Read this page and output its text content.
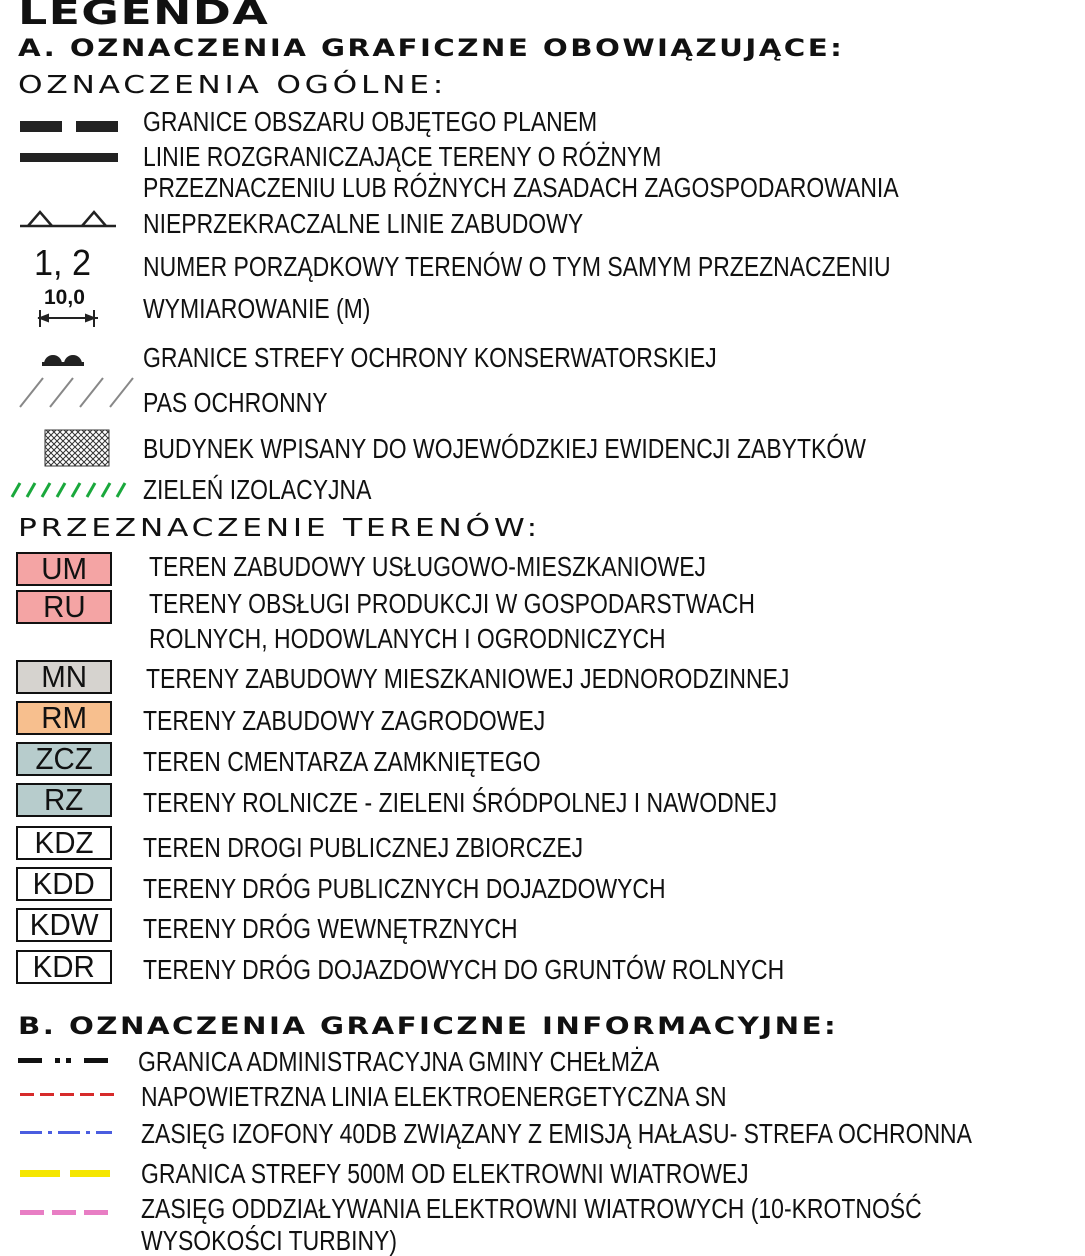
LEGENDA
A. OZNACZENIA GRAFICZNE OBOWIĄZUJĄCE:
OZNACZENIA OGÓLNE:
1, 2
10,0
GRANICE OBSZARU OBJĘTEGO PLANEM
LINIE ROZGRANICZAJĄCE TERENY O RÓŻNYM
PRZEZNACZENIU LUB RÓŻNYCH ZASADACH ZAGOSPODAROWANIA
NIEPRZEKRACZALNE LINIE ZABUDOWY
NUMER PORZĄDKOWY TERENÓW O TYM SAMYM PRZEZNACZENIU
WYMIAROWANIE (M)
GRANICE STREFY OCHRONY KONSERWATORSKIEJ
PAS OCHRONNY
BUDYNEK WPISANY DO WOJEWÓDZKIEJ EWIDENCJI ZABYTKÓW
ZIELEŃ IZOLACYJNA
PRZEZNACZENIE TERENÓW:
UM
RU
MN
RM
ZCZ
RZ
KDZ
KDD
KDW
KDR
TEREN ZABUDOWY USŁUGOWO-MIESZKANIOWEJ
TERENY OBSŁUGI PRODUKCJI W GOSPODARSTWACH
ROLNYCH, HODOWLANYCH I OGRODNICZYCH
TERENY ZABUDOWY MIESZKANIOWEJ JEDNORODZINNEJ
TERENY ZABUDOWY ZAGRODOWEJ
TEREN CMENTARZA ZAMKNIĘTEGO
TERENY ROLNICZE - ZIELENI ŚRÓDPOLNEJ I NAWODNEJ
TEREN DROGI PUBLICZNEJ ZBIORCZEJ
TERENY DRÓG PUBLICZNYCH DOJAZDOWYCH
TERENY DRÓG WEWNĘTRZNYCH
TERENY DRÓG DOJAZDOWYCH DO GRUNTÓW ROLNYCH
B. OZNACZENIA GRAFICZNE INFORMACYJNE:
GRANICA ADMINISTRACYJNA GMINY CHEŁMŻA
NAPOWIETRZNA LINIA ELEKTROENERGETYCZNA SN
ZASIĘG IZOFONY 40DB ZWIĄZANY Z EMISJĄ HAŁASU- STREFA OCHRONNA
GRANICA STREFY 500M OD ELEKTROWNI WIATROWEJ
ZASIĘG ODDZIAŁYWANIA ELEKTROWNI WIATROWYCH (10-KROTNOŚĆ
WYSOKOŚCI TURBINY)
